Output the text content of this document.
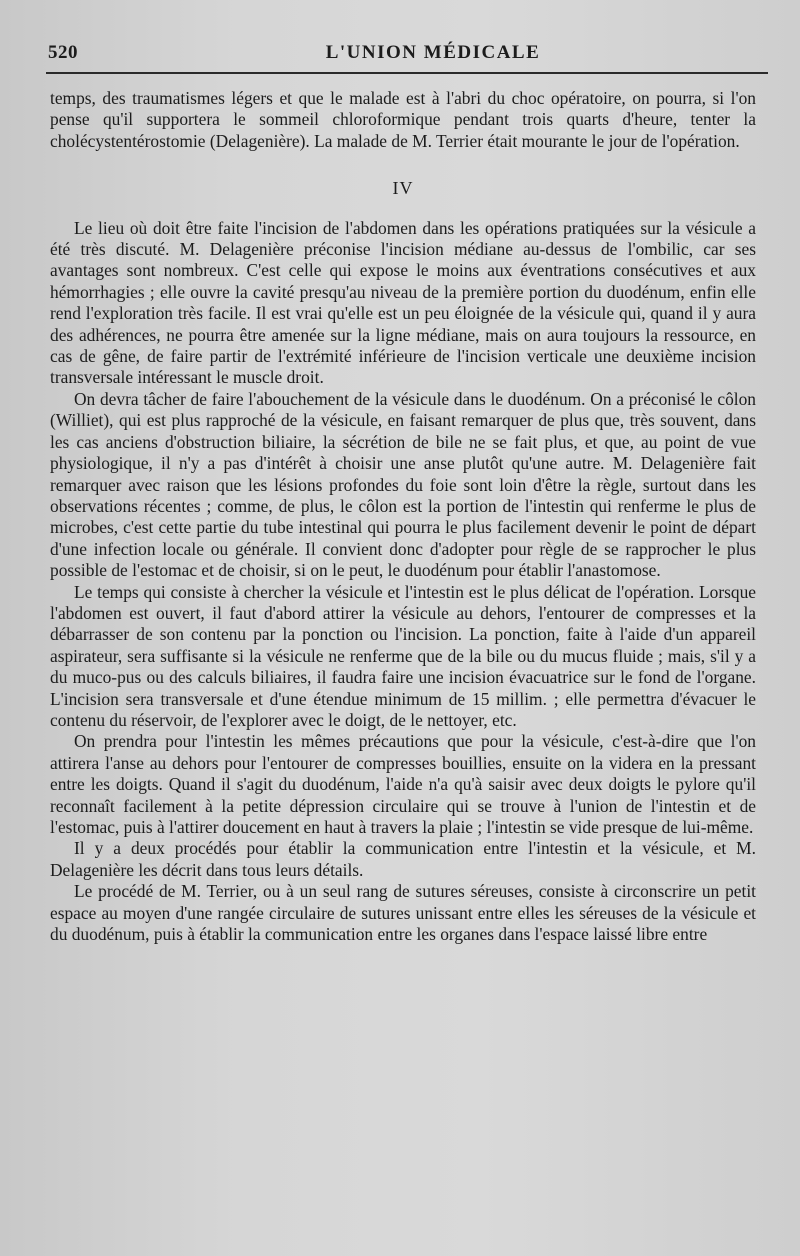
520	L'UNION MÉDICALE

temps, des traumatismes légers et que le malade est à l'abri du choc opératoire, on pourra, si l'on pense qu'il supportera le sommeil chloroformique pendant trois quarts d'heure, tenter la cholécystentérostomie (Delagenière). La malade de M. Terrier était mourante le jour de l'opération.

IV

Le lieu où doit être faite l'incision de l'abdomen dans les opérations pratiquées sur la vésicule a été très discuté. M. Delagenière préconise l'incision médiane au-dessus de l'ombilic, car ses avantages sont nombreux. C'est celle qui expose le moins aux éventrations consécutives et aux hémorrhagies ; elle ouvre la cavité presqu'au niveau de la première portion du duodénum, enfin elle rend l'exploration très facile. Il est vrai qu'elle est un peu éloignée de la vésicule qui, quand il y aura des adhérences, ne pourra être amenée sur la ligne médiane, mais on aura toujours la ressource, en cas de gêne, de faire partir de l'extrémité inférieure de l'incision verticale une deuxième incision transversale intéressant le muscle droit.

On devra tâcher de faire l'abouchement de la vésicule dans le duodénum. On a préconisé le côlon (Williet), qui est plus rapproché de la vésicule, en faisant remarquer de plus que, très souvent, dans les cas anciens d'obstruction biliaire, la sécrétion de bile ne se fait plus, et que, au point de vue physiologique, il n'y a pas d'intérêt à choisir une anse plutôt qu'une autre. M. Delagenière fait remarquer avec raison que les lésions profondes du foie sont loin d'être la règle, surtout dans les observations récentes ; comme, de plus, le côlon est la portion de l'intestin qui renferme le plus de microbes, c'est cette partie du tube intestinal qui pourra le plus facilement devenir le point de départ d'une infection locale ou générale. Il convient donc d'adopter pour règle de se rapprocher le plus possible de l'estomac et de choisir, si on le peut, le duodénum pour établir l'anastomose.

Le temps qui consiste à chercher la vésicule et l'intestin est le plus délicat de l'opération. Lorsque l'abdomen est ouvert, il faut d'abord attirer la vésicule au dehors, l'entourer de compresses et la débarrasser de son contenu par la ponction ou l'incision. La ponction, faite à l'aide d'un appareil aspirateur, sera suffisante si la vésicule ne renferme que de la bile ou du mucus fluide ; mais, s'il y a du muco-pus ou des calculs biliaires, il faudra faire une incision évacuatrice sur le fond de l'organe. L'incision sera transversale et d'une étendue minimum de 15 millim. ; elle permettra d'évacuer le contenu du réservoir, de l'explorer avec le doigt, de le nettoyer, etc.

On prendra pour l'intestin les mêmes précautions que pour la vésicule, c'est-à-dire que l'on attirera l'anse au dehors pour l'entourer de compresses bouillies, ensuite on la videra en la pressant entre les doigts. Quand il s'agit du duodénum, l'aide n'a qu'à saisir avec deux doigts le pylore qu'il reconnaît facilement à la petite dépression circulaire qui se trouve à l'union de l'intestin et de l'estomac, puis à l'attirer doucement en haut à travers la plaie ; l'intestin se vide presque de lui-même.

Il y a deux procédés pour établir la communication entre l'intestin et la vésicule, et M. Delagenière les décrit dans tous leurs détails.

Le procédé de M. Terrier, ou à un seul rang de sutures séreuses, consiste à circonscrire un petit espace au moyen d'une rangée circulaire de sutures unissant entre elles les séreuses de la vésicule et du duodénum, puis à établir la communication entre les organes dans l'espace laissé libre entre
